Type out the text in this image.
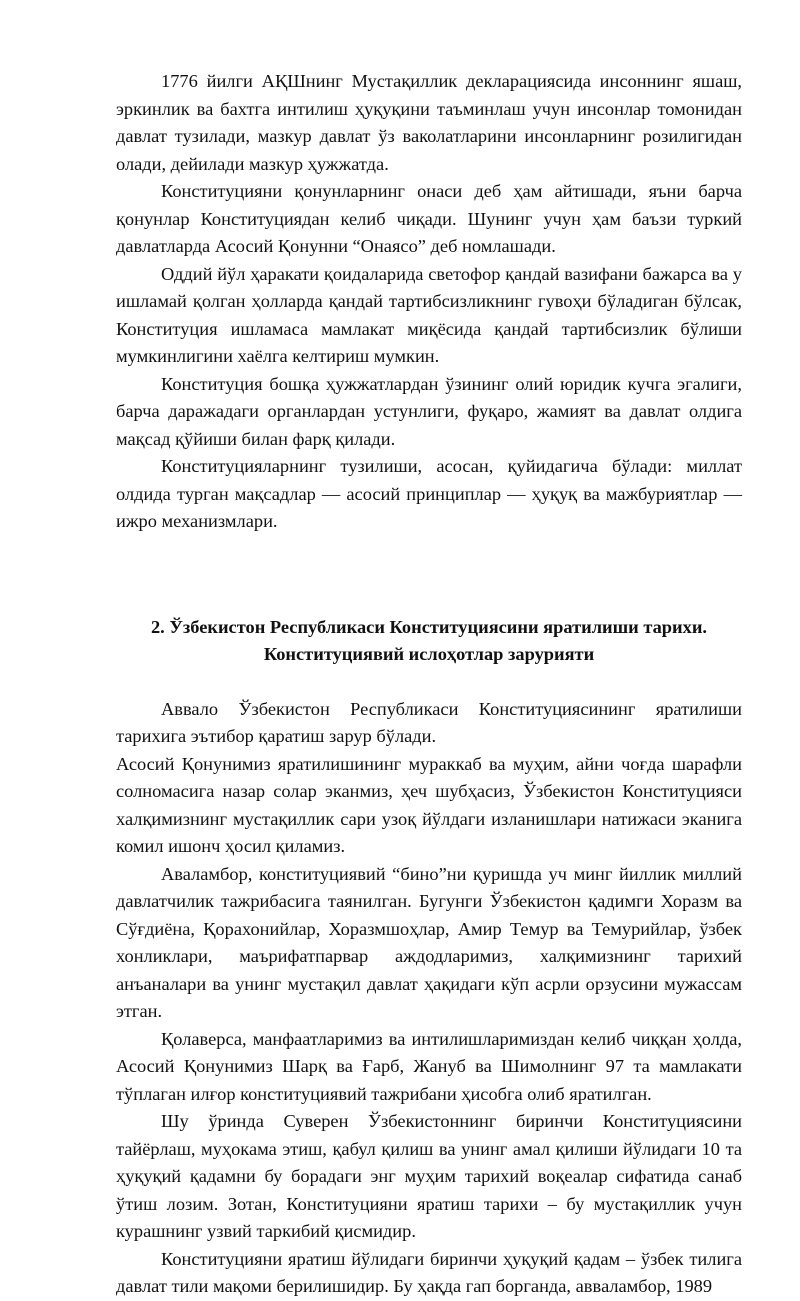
1776 йилги АҚШнинг Мустақиллик декларациясида инсоннинг яшаш, эркинлик ва бахтга интилиш ҳуқуқини таъминлаш учун инсонлар томонидан давлат тузилади, мазкур давлат ўз ваколатларини инсонларнинг розилигидан олади, дейилади мазкур ҳужжатда.

Конституцияни қонунларнинг онаси деб ҳам айтишади, яъни барча қонунлар Конституциядан келиб чиқади. Шунинг учун ҳам баъзи туркий давлатларда Асосий Қонунни “Онаясо” деб номлашади.

Оддий йўл ҳаракати қоидаларида светофор қандай вазифани бажарса ва у ишламай қолган ҳолларда қандай тартибсизликнинг гувоҳи бўладиган бўлсак, Конституция ишламаса мамлакат миқёсида қандай тартибсизлик бўлиши мумкинлигини хаёлга келтириш мумкин.

Конституция бошқа ҳужжатлардан ўзининг олий юридик кучга эгалиги, барча даражадаги органлардан устунлиги, фуқаро, жамият ва давлат олдига мақсад қўйиши билан фарқ қилади.

Конституцияларнинг тузилиши, асосан, қуйидагича бўлади: миллат олдида турган мақсадлар — асосий принциплар — ҳуқуқ ва мажбуриятлар — ижро механизмлари.

2. Ўзбекистон Республикаси Конституциясини яратилиши тарихи.
Конституциявий ислоҳотлар зарурияти

Аввало Ўзбекистон Республикаси Конституциясининг яратилиши тарихига эътибор қаратиш зарур бўлади.

Асосий Қонунимиз яратилишининг мураккаб ва муҳим, айни чоғда шарафли солномасига назар солар эканмиз, ҳеч шубҳасиз, Ўзбекистон Конституцияси халқимизнинг мустақиллик сари узоқ йўлдаги изланишлари натижаси эканига комил ишонч ҳосил қиламиз.

Аваламбор, конституциявий “бино”ни қуришда уч минг йиллик миллий давлатчилик тажрибасига таянилган. Бугунги Ўзбекистон қадимги Хоразм ва Сўғдиёна, Қорахонийлар, Хоразмшоҳлар, Амир Темур ва Темурийлар, ўзбек хонликлари, маърифатпарвар аждодларимиз, халқимизнинг тарихий анъаналари ва унинг мустақил давлат ҳақидаги кўп асрли орзусини мужассам этган.

Қолаверса, манфаатларимиз ва интилишларимиздан келиб чиққан ҳолда, Асосий Қонунимиз Шарқ ва Ғарб, Жануб ва Шимолнинг 97 та мамлакати тўплаган илғор конституциявий тажрибани ҳисобга олиб яратилган.

Шу ўринда Суверен Ўзбекистоннинг биринчи Конституциясини тайёрлаш, муҳокама этиш, қабул қилиш ва унинг амал қилиши йўлидаги 10 та ҳуқуқий қадамни бу борадаги энг муҳим тарихий воқеалар сифатида санаб ўтиш лозим. Зотан, Конституцияни яратиш тарихи – бу мустақиллик учун курашнинг узвий таркибий қисмидир.

Конституцияни яратиш йўлидаги биринчи ҳуқуқий қадам – ўзбек тилига давлат тили мақоми берилишидир. Бу ҳақда гап борганда, аввaламбор, 1989
